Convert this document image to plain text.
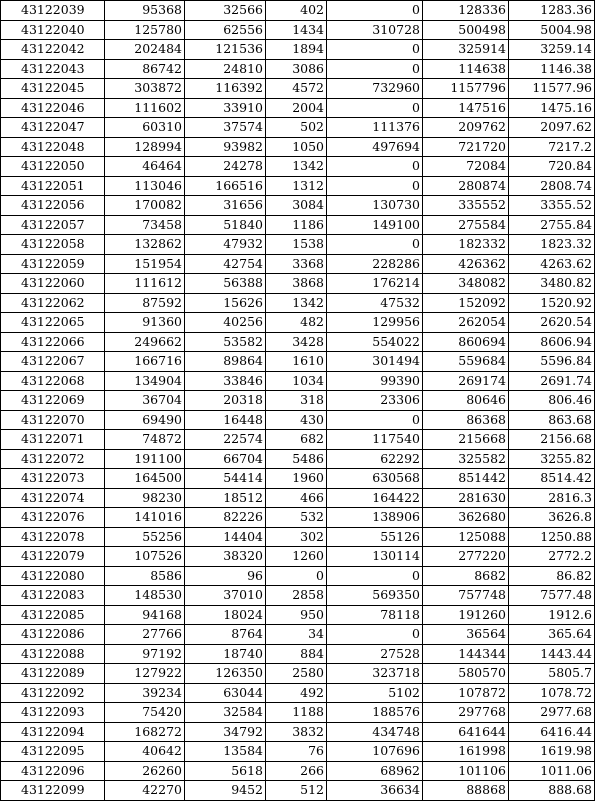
43122039	95368	32566	402	0	128336	1283.36
43122040	125780	62556	1434	310728	500498	5004.98
43122042	202484	121536	1894	0	325914	3259.14
43122043	86742	24810	3086	0	114638	1146.38
43122045	303872	116392	4572	732960	1157796	11577.96
43122046	111602	33910	2004	0	147516	1475.16
43122047	60310	37574	502	111376	209762	2097.62
43122048	128994	93982	1050	497694	721720	7217.2
43122050	46464	24278	1342	0	72084	720.84
43122051	113046	166516	1312	0	280874	2808.74
43122056	170082	31656	3084	130730	335552	3355.52
43122057	73458	51840	1186	149100	275584	2755.84
43122058	132862	47932	1538	0	182332	1823.32
43122059	151954	42754	3368	228286	426362	4263.62
43122060	111612	56388	3868	176214	348082	3480.82
43122062	87592	15626	1342	47532	152092	1520.92
43122065	91360	40256	482	129956	262054	2620.54
43122066	249662	53582	3428	554022	860694	8606.94
43122067	166716	89864	1610	301494	559684	5596.84
43122068	134904	33846	1034	99390	269174	2691.74
43122069	36704	20318	318	23306	80646	806.46
43122070	69490	16448	430	0	86368	863.68
43122071	74872	22574	682	117540	215668	2156.68
43122072	191100	66704	5486	62292	325582	3255.82
43122073	164500	54414	1960	630568	851442	8514.42
43122074	98230	18512	466	164422	281630	2816.3
43122076	141016	82226	532	138906	362680	3626.8
43122078	55256	14404	302	55126	125088	1250.88
43122079	107526	38320	1260	130114	277220	2772.2
43122080	8586	96	0	0	8682	86.82
43122083	148530	37010	2858	569350	757748	7577.48
43122085	94168	18024	950	78118	191260	1912.6
43122086	27766	8764	34	0	36564	365.64
43122088	97192	18740	884	27528	144344	1443.44
43122089	127922	126350	2580	323718	580570	5805.7
43122092	39234	63044	492	5102	107872	1078.72
43122093	75420	32584	1188	188576	297768	2977.68
43122094	168272	34792	3832	434748	641644	6416.44
43122095	40642	13584	76	107696	161998	1619.98
43122096	26260	5618	266	68962	101106	1011.06
43122099	42270	9452	512	36634	88868	888.68
